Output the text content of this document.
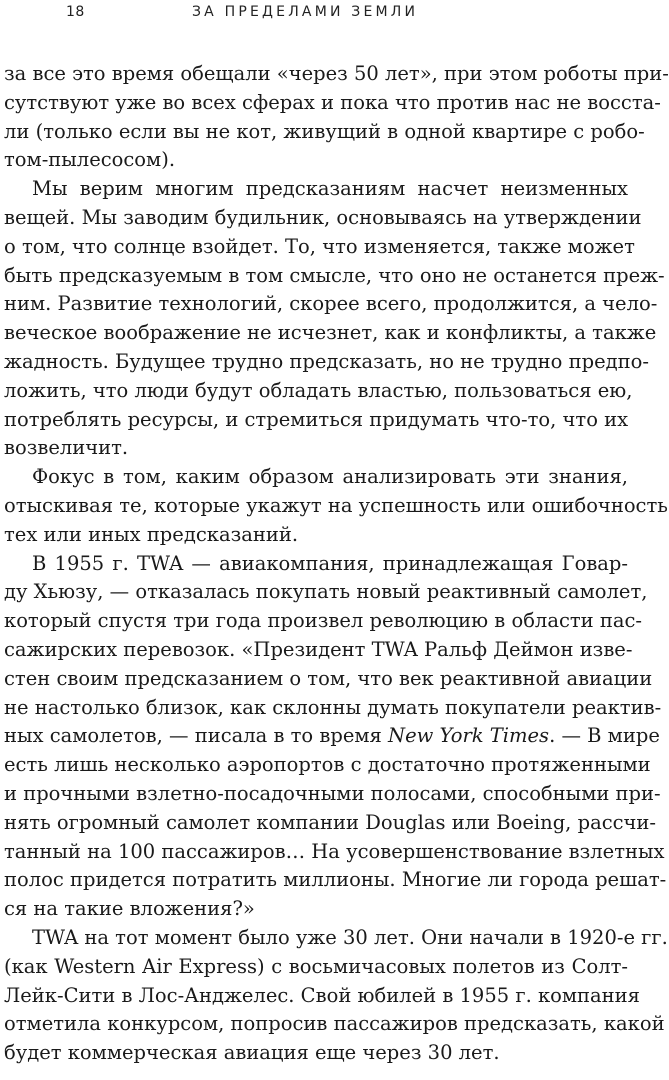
18	ЗА ПРЕДЕЛАМИ ЗЕМЛИ
за все это время обещали «через 50 лет», при этом роботы при-
сутствуют уже во всех сферах и пока что против нас не восста-
ли (только если вы не кот, живущий в одной квартире с робо-
том-пылесосом).
Мы верим многим предсказаниям насчет неизменных
вещей. Мы заводим будильник, основываясь на утверждении
о том, что солнце взойдет. То, что изменяется, также может
быть предсказуемым в том смысле, что оно не останется преж-
ним. Развитие технологий, скорее всего, продолжится, а чело-
веческое воображение не исчезнет, как и конфликты, а также
жадность. Будущее трудно предсказать, но не трудно предпо-
ложить, что люди будут обладать властью, пользоваться ею,
потреблять ресурсы, и стремиться придумать что-то, что их
возвеличит.
Фокус в том, каким образом анализировать эти знания,
отыскивая те, которые укажут на успешность или ошибочность
тех или иных предсказаний.
В 1955 г. TWA — авиакомпания, принадлежащая Говар-
ду Хьюзу, — отказалась покупать новый реактивный самолет,
который спустя три года произвел революцию в области пас-
сажирских перевозок. «Президент TWA Ральф Деймон изве-
стен своим предсказанием о том, что век реактивной авиации
не настолько близок, как склонны думать покупатели реактив-
ных самолетов, — писала в то время New York Times. — В мире
есть лишь несколько аэропортов с достаточно протяженными
и прочными взлетно-посадочными полосами, способными при-
нять огромный самолет компании Douglas или Boeing, рассчи-
танный на 100 пассажиров… На усовершенствование взлетных
полос придется потратить миллионы. Многие ли города решат-
ся на такие вложения?»
TWA на тот момент было уже 30 лет. Они начали в 1920-е гг.
(как Western Air Express) с восьмичасовых полетов из Солт-
Лейк-Сити в Лос-Анджелес. Свой юбилей в 1955 г. компания
отметила конкурсом, попросив пассажиров предсказать, какой
будет коммерческая авиация еще через 30 лет.
